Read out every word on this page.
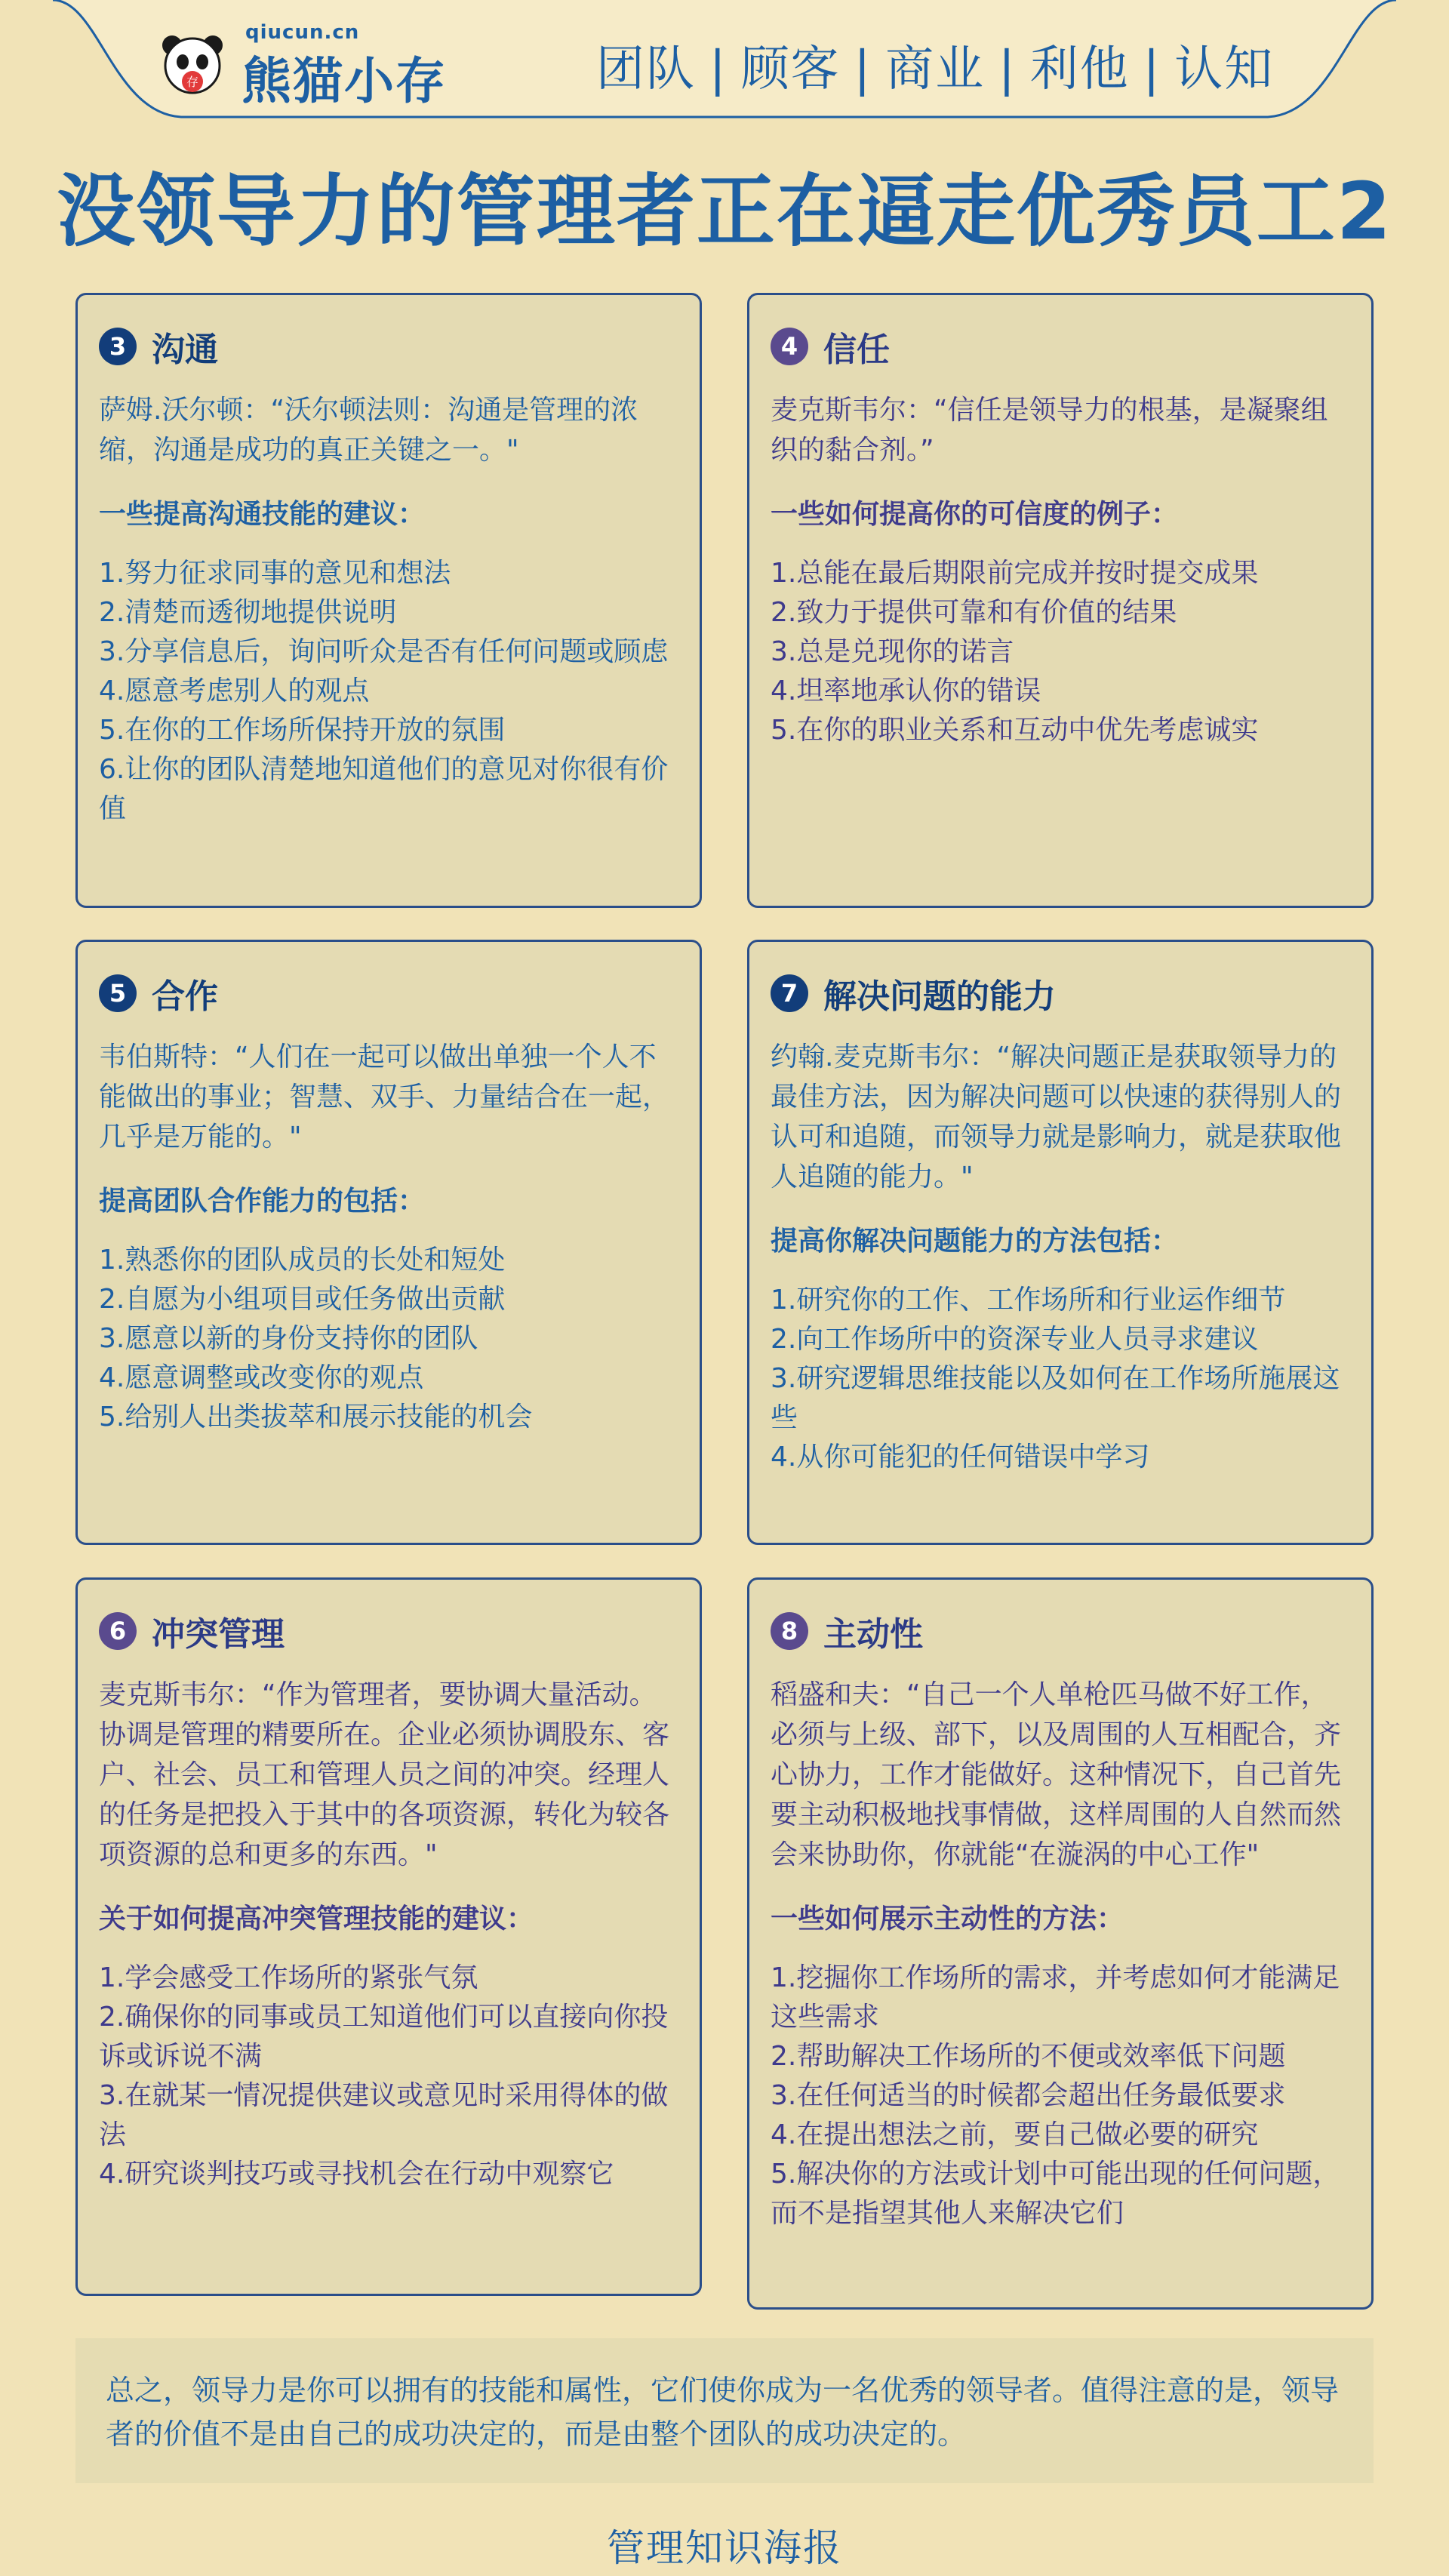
qiucun.cn
存 熊猫小存	团队 | 顾客 | 商业 | 利他 | 认知
没领导力的管理者正在逼走优秀员工2
3 沟通

萨姆.沃尔顿：“沃尔顿法则：沟通是管理的浓缩，沟通是成功的真正关键之一。"

一些提高沟通技能的建议：

1.努力征求同事的意见和想法
2.清楚而透彻地提供说明
3.分享信息后，询问听众是否有任何问题或顾虑
4.愿意考虑别人的观点
5.在你的工作场所保持开放的氛围
6.让你的团队清楚地知道他们的意见对你很有价值
4 信任

麦克斯韦尔：“信任是领导力的根基，是凝聚组织的黏合剂。”

一些如何提高你的可信度的例子：

1.总能在最后期限前完成并按时提交成果
2.致力于提供可靠和有价值的结果
3.总是兑现你的诺言
4.坦率地承认你的错误
5.在你的职业关系和互动中优先考虑诚实
5 合作

韦伯斯特：“人们在一起可以做出单独一个人不能做出的事业；智慧、双手、力量结合在一起，几乎是万能的。"

提高团队合作能力的包括：

1.熟悉你的团队成员的长处和短处
2.自愿为小组项目或任务做出贡献
3.愿意以新的身份支持你的团队
4.愿意调整或改变你的观点
5.给别人出类拔萃和展示技能的机会
7 解决问题的能力

约翰.麦克斯韦尔：“解决问题正是获取领导力的最佳方法，因为解决问题可以快速的获得别人的认可和追随，而领导力就是影响力，就是获取他人追随的能力。"

提高你解决问题能力的方法包括：

1.研究你的工作、工作场所和行业运作细节
2.向工作场所中的资深专业人员寻求建议
3.研究逻辑思维技能以及如何在工作场所施展这些
4.从你可能犯的任何错误中学习
6 冲突管理

麦克斯韦尔：“作为管理者，要协调大量活动。协调是管理的精要所在。企业必须协调股东、客户、社会、员工和管理人员之间的冲突。经理人的任务是把投入于其中的各项资源，转化为较各项资源的总和更多的东西。"

关于如何提高冲突管理技能的建议：

1.学会感受工作场所的紧张气氛
2.确保你的同事或员工知道他们可以直接向你投诉或诉说不满
3.在就某一情况提供建议或意见时采用得体的做法
4.研究谈判技巧或寻找机会在行动中观察它
8 主动性

稻盛和夫：“自己一个人单枪匹马做不好工作，必须与上级、部下，以及周围的人互相配合，齐心协力，工作才能做好。这种情况下，自己首先要主动积极地找事情做，这样周围的人自然而然会来协助你，你就能“在漩涡的中心工作"

一些如何展示主动性的方法：

1.挖掘你工作场所的需求，并考虑如何才能满足这些需求
2.帮助解决工作场所的不便或效率低下问题
3.在任何适当的时候都会超出任务最低要求
4.在提出想法之前，要自己做必要的研究
5.解决你的方法或计划中可能出现的任何问题，而不是指望其他人来解决它们
总之，领导力是你可以拥有的技能和属性，它们使你成为一名优秀的领导者。值得注意的是，领导者的价值不是由自己的成功决定的，而是由整个团队的成功决定的。
管理知识海报
